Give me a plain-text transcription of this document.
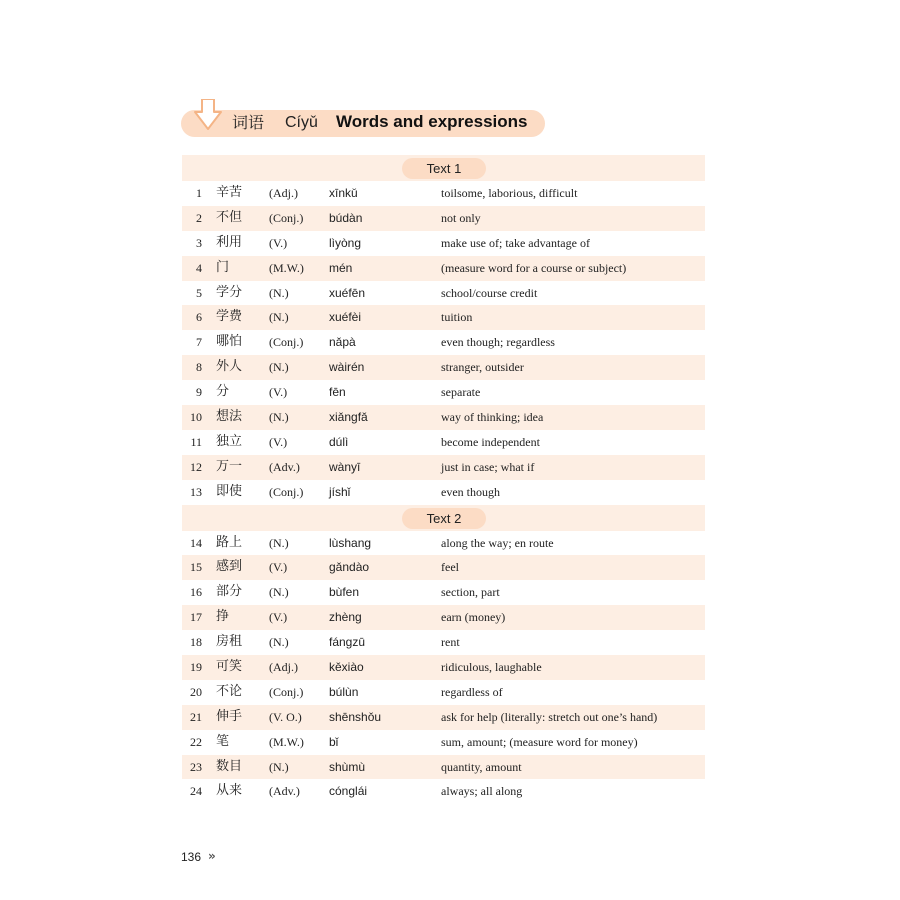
词语 Cíyǔ Words and expressions
Text 1
1 辛苦 (Adj.)	xīnkǔ	toilsome, laborious, difficult
2 不但 (Conj.) búdàn	not only
3 利用 (V.)	lìyòng	make use of; take advantage of
4 门	(M.W.) mén	(measure word for a course or subject)
5 学分 (N.)	xuéfēn	school/course credit
6 学费 (N.)	xuéfèi	tuition
7 哪怕 (Conj.) nǎpà	even though; regardless
8 外人 (N.)	wàirén	stranger, outsider
9 分	(V.)	fēn	separate
10 想法 (N.)	xiǎngfǎ	way of thinking; idea
11 独立 (V.)	dúlì	become independent
12 万一 (Adv.) wànyī	just in case; what if
13 即使 (Conj.) jíshǐ	even though
Text 2
14 路上 (N.)	lùshang	along the way; en route
15 感到 (V.)	gǎndào	feel
16 部分 (N.)	bùfen	section, part
17 挣	(V.)	zhèng	earn (money)
18 房租 (N.)	fángzū	rent
19 可笑 (Adj.)	kěxiào	ridiculous, laughable
20 不论 (Conj.) búlùn	regardless of
21 伸手 (V. O.) shēnshǒu	ask for help (literally: stretch out one’s hand)
22 笔	(M.W.) bǐ	sum, amount; (measure word for money)
23 数目 (N.)	shùmù	quantity, amount
24 从来 (Adv.) cónglái	always; all along
136 »
